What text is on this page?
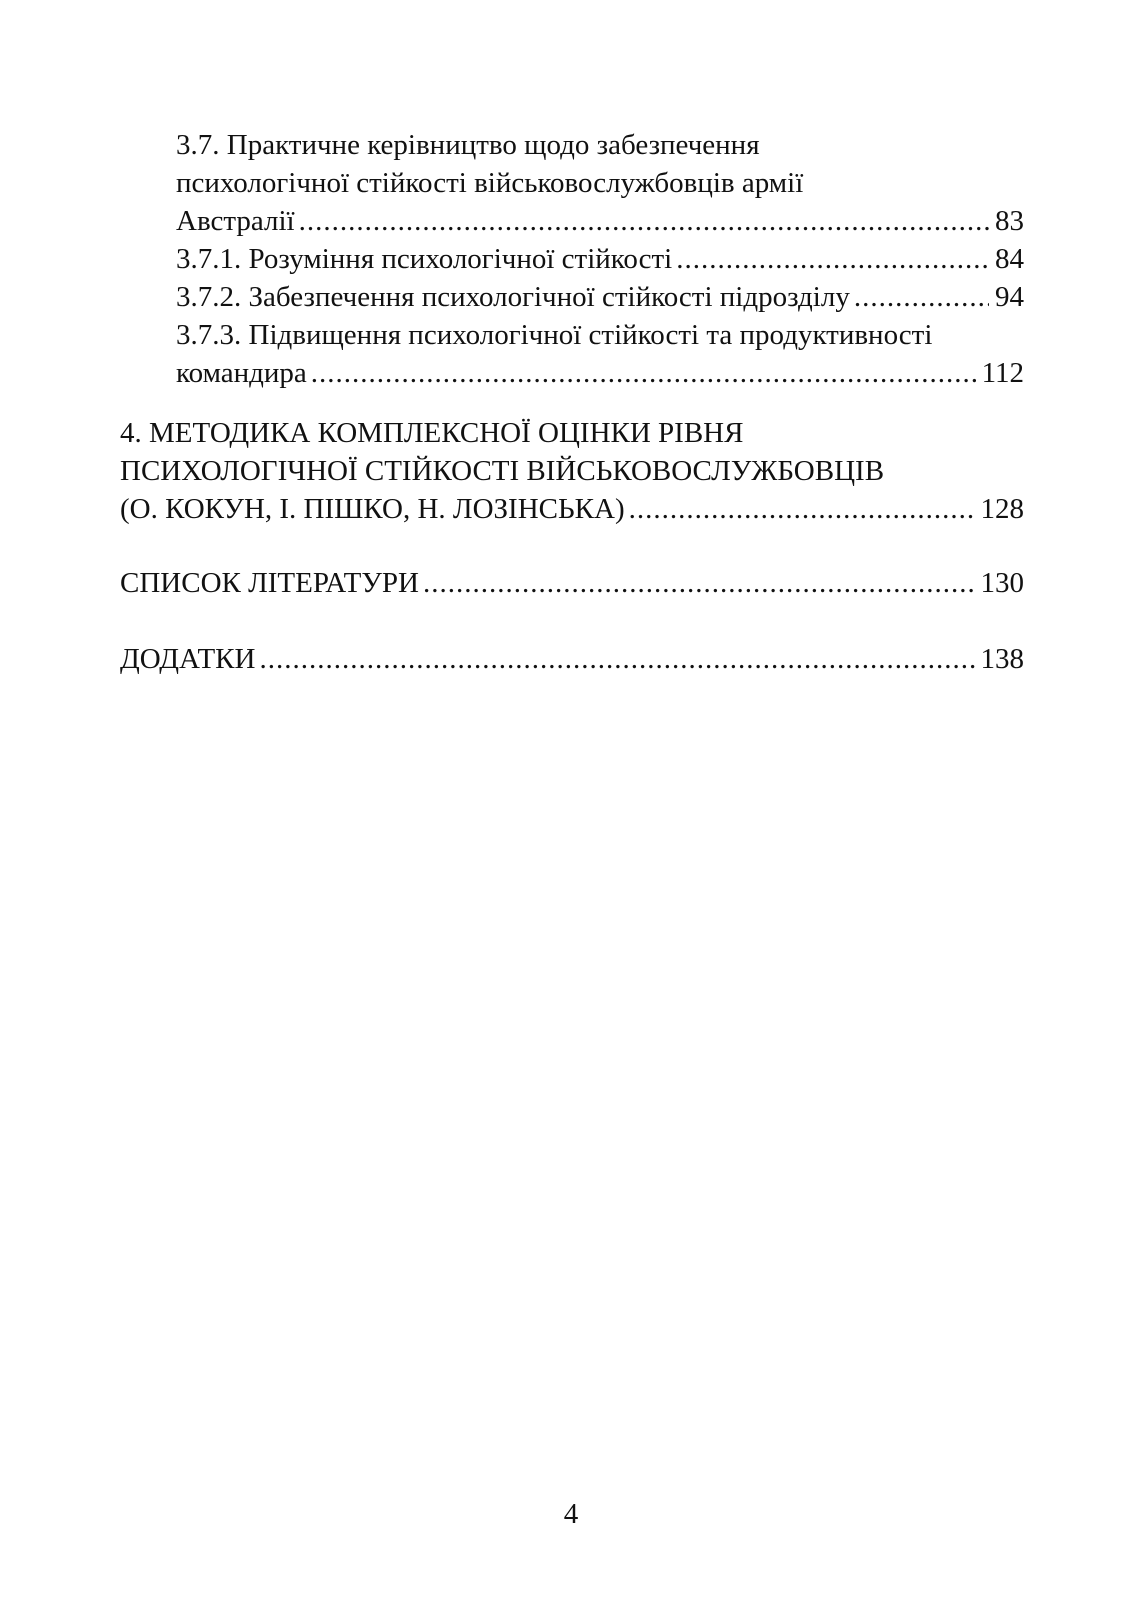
3.7. Практичне керівництво щодо забезпечення
психологічної стійкості військовослужбовців армії
Австралії .....	83
3.7.1. Розуміння психологічної стійкості .....	84
3.7.2. Забезпечення психологічної стійкості підрозділу .....	94
3.7.3. Підвищення психологічної стійкості та продуктивності
командира .....	112
4. МЕТОДИКА КОМПЛЕКСНОЇ ОЦІНКИ РІВНЯ
ПСИХОЛОГІЧНОЇ СТІЙКОСТІ ВІЙСЬКОВОСЛУЖБОВЦІВ
(О. КОКУН, І. ПІШКО, Н. ЛОЗІНСЬКА) .....	128
СПИСОК ЛІТЕРАТУРИ .....	130
ДОДАТКИ .....	138
4
